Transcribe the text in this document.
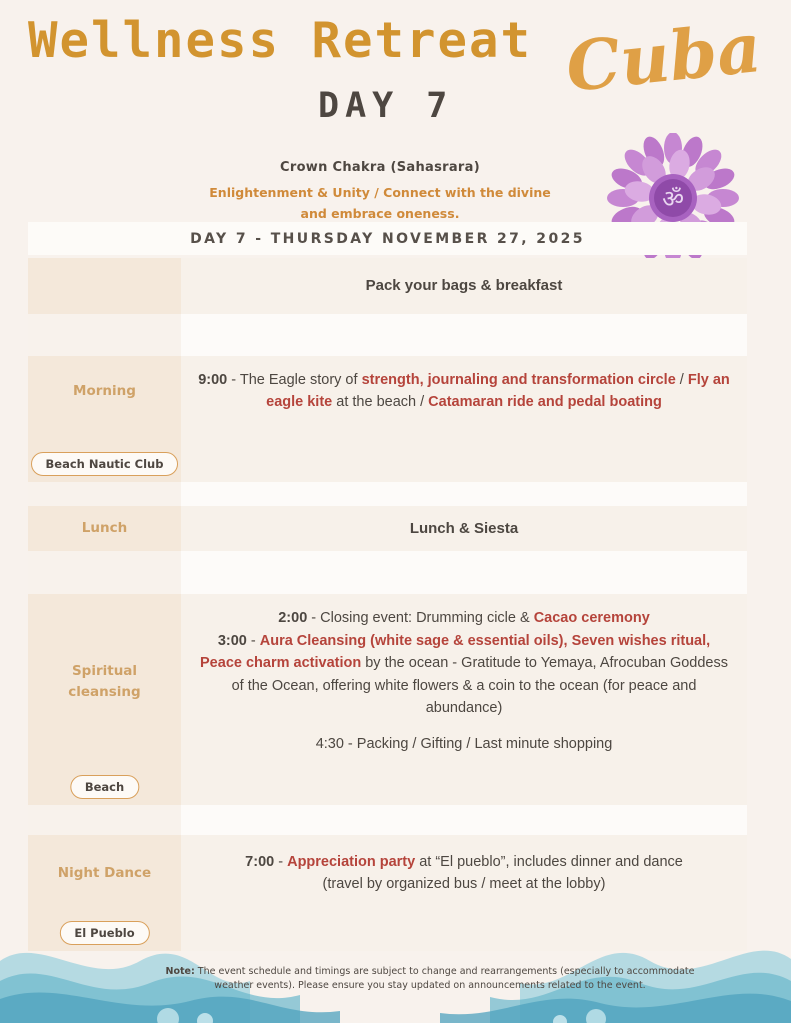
Wellness Retreat Cuba
DAY 7
Crown Chakra (Sahasrara)
Enlightenment & Unity / Connect with the divine
and embrace oneness.
ॐ
DAY 7 - THURSDAY NOVEMBER 27, 2025
Pack your bags & breakfast
Morning
9:00 - The Eagle story of strength, journaling and transformation circle / Fly an eagle kite at the beach / Catamaran ride and pedal boating
Beach Nautic Club
Lunch	Lunch & Siesta
Spiritual
cleansing
2:00 - Closing event: Drumming cicle & Cacao ceremony
3:00 - Aura Cleansing (white sage & essential oils), Seven wishes ritual, Peace charm activation by the ocean - Gratitude to Yemaya, Afrocuban Goddess of the Ocean, offering white flowers & a coin to the ocean (for peace and abundance)
4:30 - Packing / Gifting / Last minute shopping
Beach
Night Dance
7:00 - Appreciation party at “El pueblo”, includes dinner and dance
(travel by organized bus / meet at the lobby)
El Pueblo
Note: The event schedule and timings are subject to change and rearrangements (especially to accommodate weather events). Please ensure you stay updated on announcements related to the event.
